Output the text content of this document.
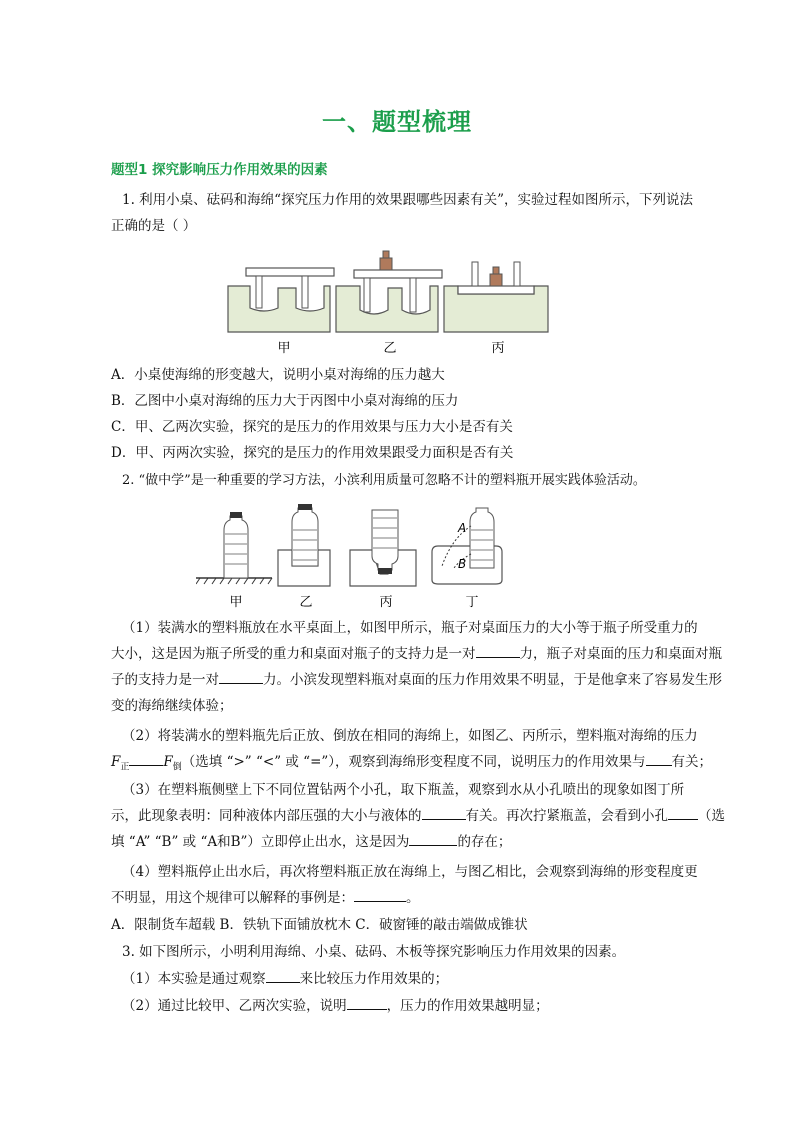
一、题型梳理
题型1 探究影响压力作用效果的因素
1. 利用小桌、砝码和海绵“探究压力作用的效果跟哪些因素有关”，实验过程如图所示，下列说法
正确的是（ ）
甲	乙	丙
A．小桌使海绵的形变越大，说明小桌对海绵的压力越大
B．乙图中小桌对海绵的压力大于丙图中小桌对海绵的压力
C．甲、乙两次实验，探究的是压力的作用效果与压力大小是否有关
D．甲、丙两次实验，探究的是压力的作用效果跟受力面积是否有关
2. “做中学”是一种重要的学习方法，小滨利用质量可忽略不计的塑料瓶开展实践体验活动。
A
B
甲	乙	丙	丁
（1）装满水的塑料瓶放在水平桌面上，如图甲所示，瓶子对桌面压力的大小等于瓶子所受重力的
大小，这是因为瓶子所受的重力和桌面对瓶子的支持力是一对	力，瓶子对桌面的压力和桌面对瓶
子的支持力是一对	力。小滨发现塑料瓶对桌面的压力作用效果不明显，于是他拿来了容易发生形
变的海绵继续体验；
（2）将装满水的塑料瓶先后正放、倒放在相同的海绵上，如图乙、丙所示，塑料瓶对海绵的压力
$F_正$	$F_倒$（选填 “>” “<” 或 “=”），观察到海绵形变程度不同，说明压力的作用效果与 有关；
（3）在塑料瓶侧壁上下不同位置钻两个小孔，取下瓶盖，观察到水从小孔喷出的现象如图丁所
示，此现象表明：同种液体内部压强的大小与液体的	有关。再次拧紧瓶盖，会看到小孔 （选
填 “A” “B” 或 “A和B”）立即停止出水，这是因为	的存在；
（4）塑料瓶停止出水后，再次将塑料瓶正放在海绵上，与图乙相比，会观察到海绵的形变程度更
不明显，用这个规律可以解释的事例是：	。
A．限制货车超载 B．铁轨下面铺放枕木 C．破窗锤的敲击端做成锥状
3. 如下图所示，小明利用海绵、小桌、砝码、木板等探究影响压力作用效果的因素。
（1）本实验是通过观察	来比较压力作用效果的；
（2）通过比较甲、乙两次实验，说明	，压力的作用效果越明显；
